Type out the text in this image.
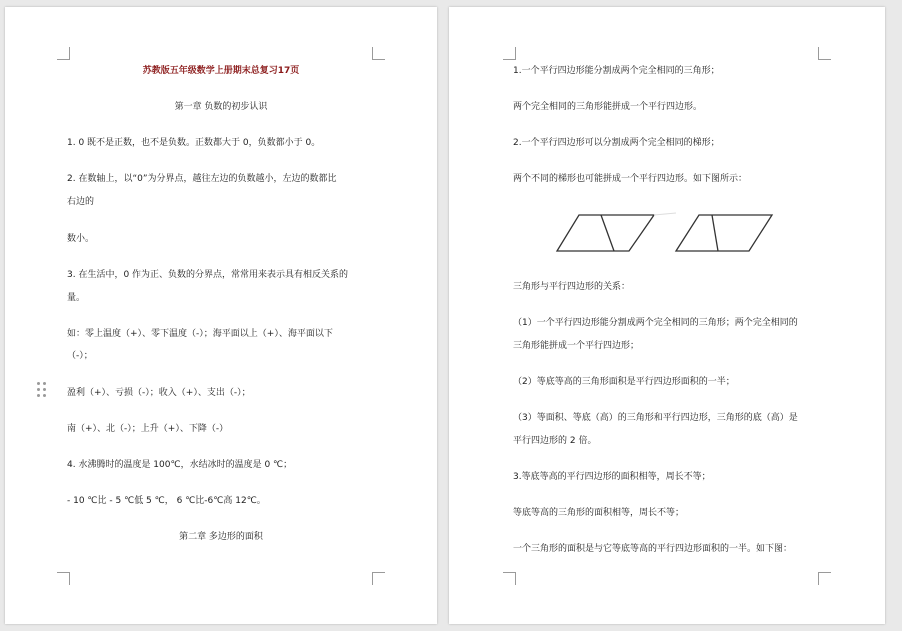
苏教版五年级数学上册期末总复习17页
第一章 负数的初步认识
1. 0 既不是正数，也不是负数。正数都大于 0，负数都小于 0。
2. 在数轴上，以“0”为分界点，越往左边的负数越小，左边的数都比
右边的
数小。
3. 在生活中，0 作为正、负数的分界点，常常用来表示具有相反关系的
量。
如：零上温度（+）、零下温度（-）；海平面以上（+）、海平面以下
（-）；
盈利（+）、亏损（-）；收入（+）、支出（-）；
南（+）、北（-）；上升（+）、下降（-）
4. 水沸腾时的温度是 100℃，水结冰时的温度是 0 ℃；
- 10 ℃比 - 5 ℃低 5 ℃， 6 ℃比-6℃高 12℃。
第二章 多边形的面积
1.一个平行四边形能分割成两个完全相同的三角形；
两个完全相同的三角形能拼成一个平行四边形。
2.一个平行四边形可以分割成两个完全相同的梯形；
两个不同的梯形也可能拼成一个平行四边形。如下图所示：
三角形与平行四边形的关系：
（1）一个平行四边形能分割成两个完全相同的三角形；两个完全相同的
三角形能拼成一个平行四边形；
（2）等底等高的三角形面积是平行四边形面积的一半；
（3）等面积、等底（高）的三角形和平行四边形，三角形的底（高）是
平行四边形的 2 倍。
3.等底等高的平行四边形的面积相等，周长不等；
等底等高的三角形的面积相等，周长不等；
一个三角形的面积是与它等底等高的平行四边形面积的一半。如下图：
